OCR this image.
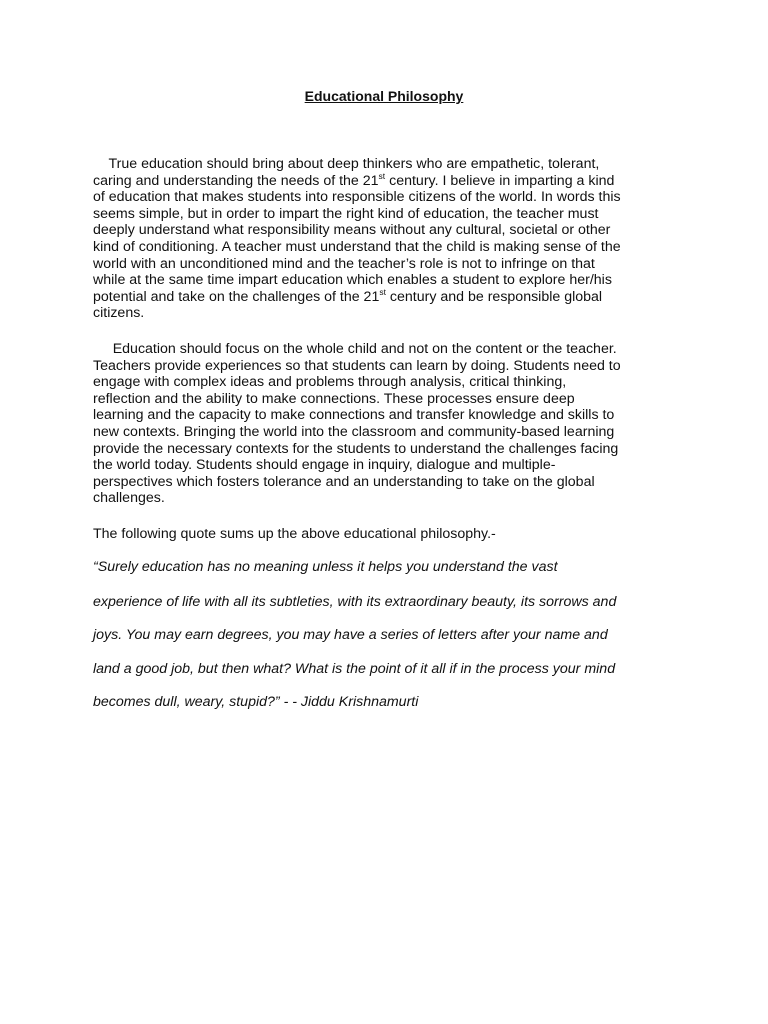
Educational Philosophy

True education should bring about deep thinkers who are empathetic, tolerant,
caring and understanding the needs of the 21st century. I believe in imparting a kind
of education that makes students into responsible citizens of the world. In words this
seems simple, but in order to impart the right kind of education, the teacher must
deeply understand what responsibility means without any cultural, societal or other
kind of conditioning. A teacher must understand that the child is making sense of the
world with an unconditioned mind and the teacher’s role is not to infringe on that
while at the same time impart education which enables a student to explore her/his
potential and take on the challenges of the 21st century and be responsible global
citizens.

Education should focus on the whole child and not on the content or the teacher.
Teachers provide experiences so that students can learn by doing. Students need to
engage with complex ideas and problems through analysis, critical thinking,
reflection and the ability to make connections. These processes ensure deep
learning and the capacity to make connections and transfer knowledge and skills to
new contexts. Bringing the world into the classroom and community-based learning
provide the necessary contexts for the students to understand the challenges facing
the world today. Students should engage in inquiry, dialogue and multiple-
perspectives which fosters tolerance and an understanding to take on the global
challenges.

The following quote sums up the above educational philosophy.-

“Surely education has no meaning unless it helps you understand the vast

experience of life with all its subtleties, with its extraordinary beauty, its sorrows and

joys. You may earn degrees, you may have a series of letters after your name and

land a good job, but then what? What is the point of it all if in the process your mind

becomes dull, weary, stupid?” - - Jiddu Krishnamurti
